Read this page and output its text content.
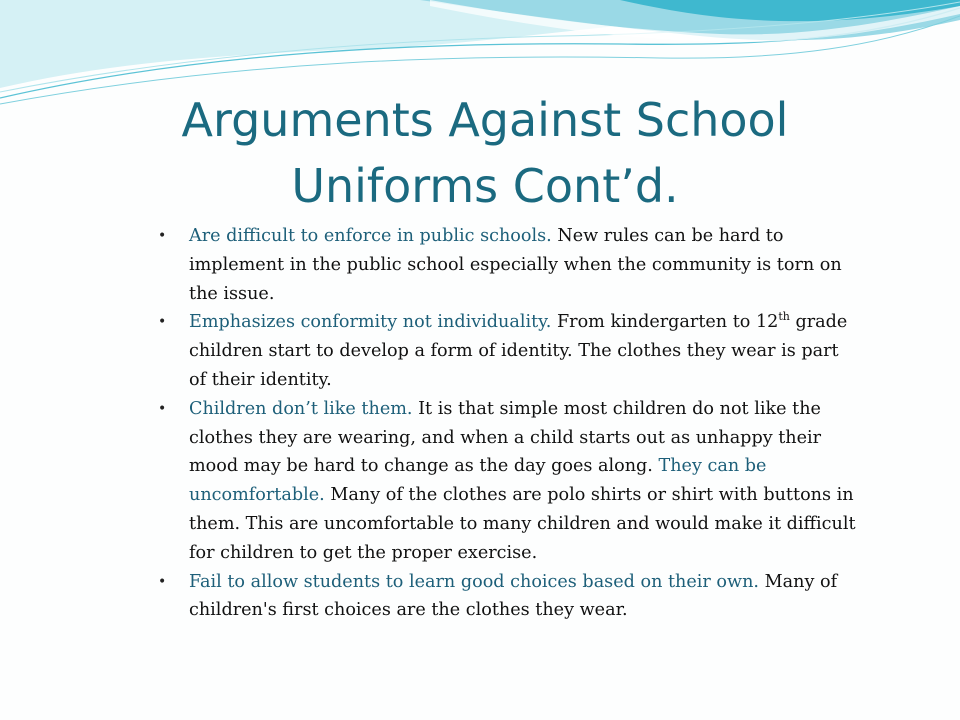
Arguments Against School
Uniforms Cont’d.
• Are difficult to enforce in public schools. New rules can be hard to implement in the public school especially when the community is torn on the issue.
• Emphasizes conformity not individuality. From kindergarten to 12th grade children start to develop a form of identity. The clothes they wear is part of their identity.
• Children don’t like them. It is that simple most children do not like the clothes they are wearing, and when a child starts out as unhappy their mood may be hard to change as the day goes along. They can be uncomfortable. Many of the clothes are polo shirts or shirt with buttons in them. This are uncomfortable to many children and would make it difficult for children to get the proper exercise.
• Fail to allow students to learn good choices based on their own. Many of children's first choices are the clothes they wear.
